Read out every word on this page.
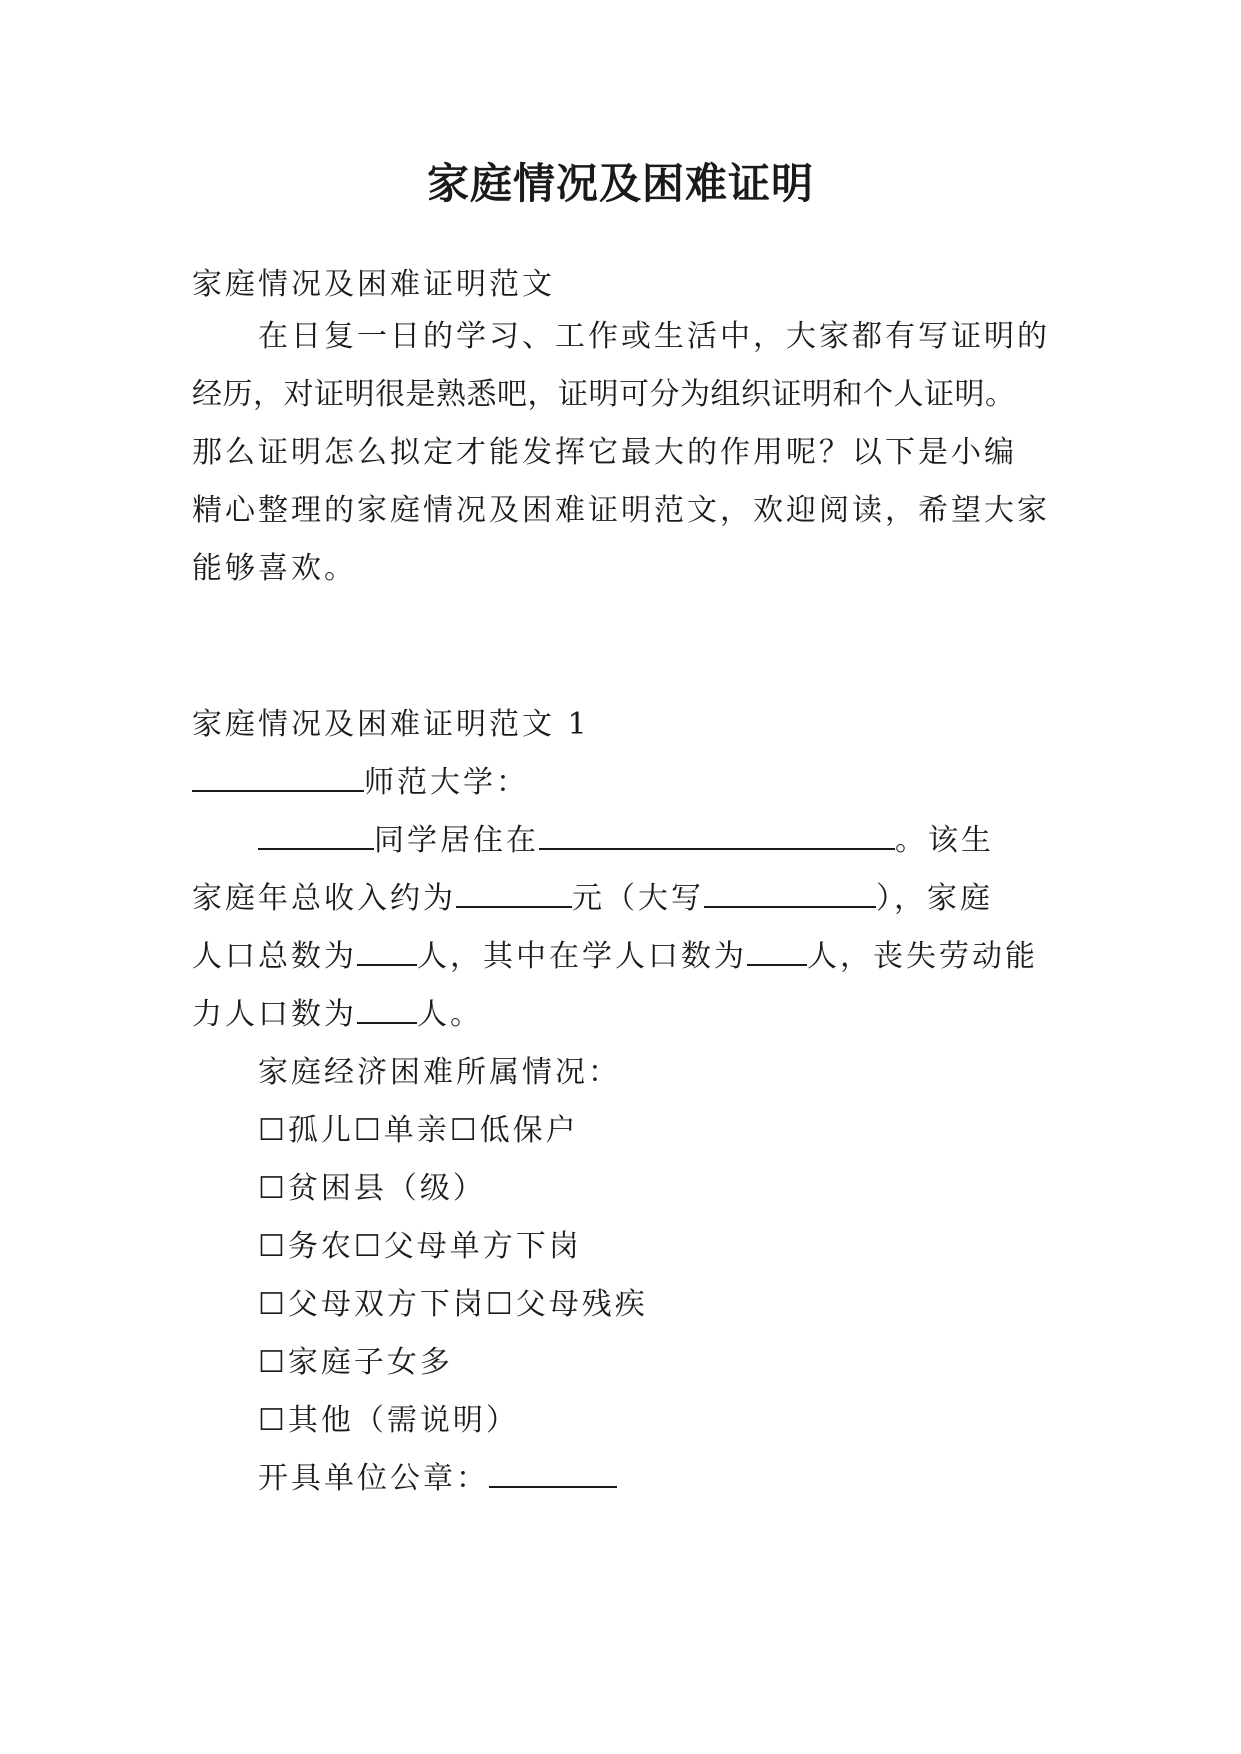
家庭情况及困难证明
家庭情况及困难证明范文
在日复一日的学习、工作或生活中，大家都有写证明的
经历，对证明很是熟悉吧，证明可分为组织证明和个人证明。
那么证明怎么拟定才能发挥它最大的作用呢？以下是小编
精心整理的家庭情况及困难证明范文，欢迎阅读，希望大家
能够喜欢。
家庭情况及困难证明范文 1
师范大学：
同学居住在	。该生
家庭年总收入约为	元（大写	），家庭
人口总数为 人，其中在学人口数为 人，丧失劳动能
力人口数为 人。
家庭经济困难所属情况：
☐孤儿☐单亲☐低保户
☐贫困县（级）
☐务农☐父母单方下岗
☐父母双方下岗☐父母残疾
☐家庭子女多
☐其他（需说明）
开具单位公章：
